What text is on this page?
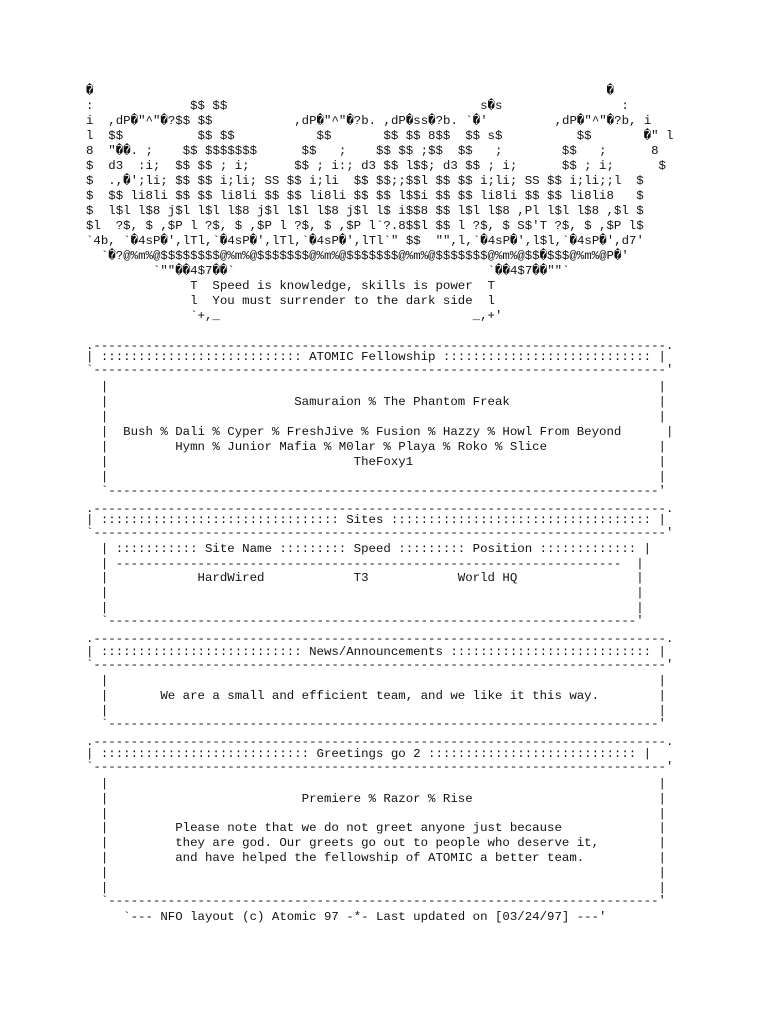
�                                                                     �
:             $$ $$                                  s�s                :
i  ,dP�"^"�?$$ $$           ,dP�"^"�?b. ,dP�ss�?b. `�'         ,dP�"^"�?b, i
l  $$          $$ $$           $$       $$ $$ 8$$  $$ s$          $$       �" l
8  "��. ;    $$ $$$$$$$      $$   ;    $$ $$ ;$$  $$   ;        $$   ;      8
$  d3  :i;  $$ $$ ; i;      $$ ; i:; d3 $$ l$$; d3 $$ ; i;      $$ ; i;      $
$  .,�';li; $$ $$ i;li; SS $$ i;li  $$ $$;;$$l $$ $$ i;li; SS $$ i;li;;l  $
$  $$ li8li $$ $$ li8li $$ $$ li8li $$ $$ l$$i $$ $$ li8li $$ $$ li8li8   $
$  l$l l$8 j$l l$l l$8 j$l l$l l$8 j$l l$ i$$8 $$ l$l l$8 ,Pl l$l l$8 ,$l $
$l  ?$, $ ,$P l ?$, $ ,$P l ?$, $ ,$P l`?.8$$l $$ l ?$, $ S$'T ?$, $ ,$P l$
`4b, `�4sP�',lTl,`�4sP�',lTl,`�4sP�',lTl`" $$  "",l,`�4sP�',l$l,`�4sP�',d7'
`�?@%m%@$$$$$$$$@%m%@$$$$$$$@%m%@$$$$$$$@%m%@$$$$$$$@%m%@$$�$$$@%m%@P�'
`""��4$7��`                                  `��4$7��""`
T  Speed is knowledge, skills is power  T
l  You must surrender to the dark side  l
`+,_                                  _,+'
.-----------------------------------------------------------------------------.
| ::::::::::::::::::::::::::: ATOMIC Fellowship :::::::::::::::::::::::::::: |
`-----------------------------------------------------------------------------'
|                                                                          |
|                         Samuraion % The Phantom Freak                    |
|                                                                          |
|  Bush % Dali % Cyper % FreshJive % Fusion % Hazzy % Howl From Beyond      |
|         Hymn % Junior Mafia % M0lar % Playa % Roko % Slice               |
|                                 TheFoxy1                                 |
|                                                                          |
`--------------------------------------------------------------------------'
.-----------------------------------------------------------------------------.
| :::::::::::::::::::::::::::::::: Sites ::::::::::::::::::::::::::::::::::: |
`-----------------------------------------------------------------------------'
| ::::::::::: Site Name ::::::::: Speed ::::::::: Position ::::::::::::: |
| --------------------------------------------------------------------  |
|            HardWired            T3            World HQ                |
|                                                                       |
|                                                                       |
`-----------------------------------------------------------------------'
.-----------------------------------------------------------------------------.
| ::::::::::::::::::::::::::: News/Announcements ::::::::::::::::::::::::::: |
`-----------------------------------------------------------------------------'
|                                                                          |
|       We are a small and efficient team, and we like it this way.        |
|                                                                          |
`--------------------------------------------------------------------------'
.-----------------------------------------------------------------------------.
| :::::::::::::::::::::::::::: Greetings go 2 :::::::::::::::::::::::::::: |
`-----------------------------------------------------------------------------'
|                                                                          |
|                          Premiere % Razor % Rise                         |
|                                                                          |
|         Please note that we do not greet anyone just because             |
|         they are god. Our greets go out to people who deserve it,        |
|         and have helped the fellowship of ATOMIC a better team.          |
|                                                                          |
|                                                                          |
`--------------------------------------------------------------------------'
`--- NFO layout (c) Atomic 97 -*- Last updated on [03/24/97] ---'
